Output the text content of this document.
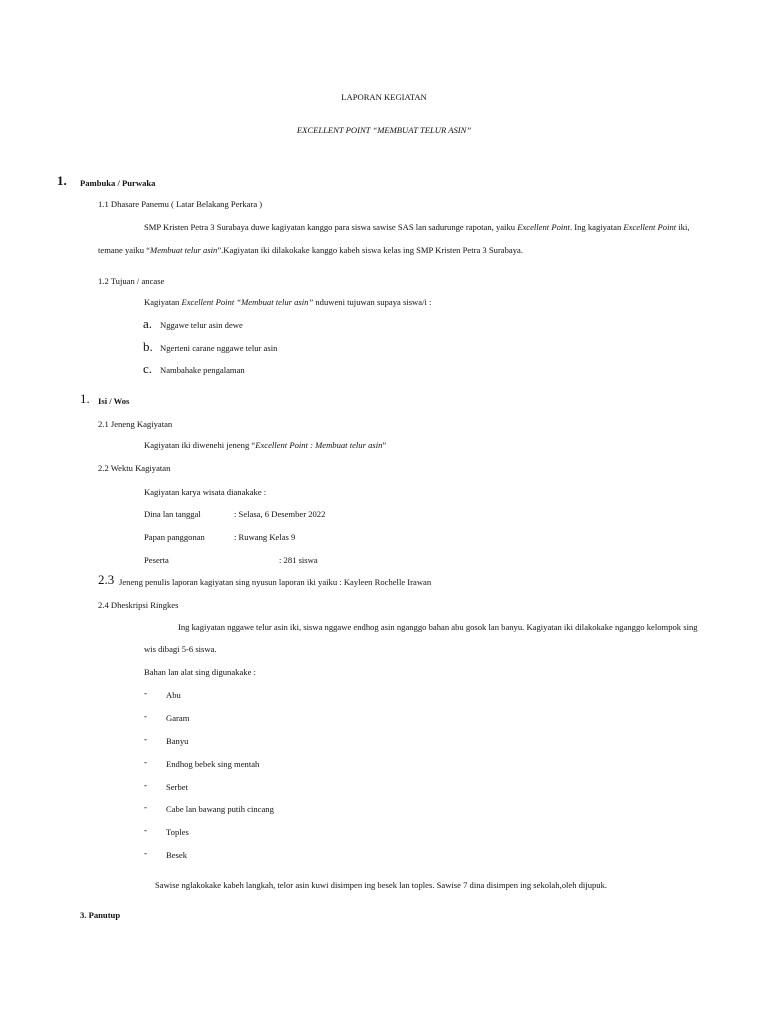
LAPORAN KEGIATAN
EXCELLENT POINT “MEMBUAT TELUR ASIN”
1. Pambuka / Purwaka
1.1 Dhasare Panemu ( Latar Belakang Perkara )
SMP Kristen Petra 3 Surabaya duwe kagiyatan kanggo para siswa sawise SAS lan sadurunge rapotan, yaiku Excellent Point. Ing kagiyatan Excellent Point iki,
temane yaiku “Membuat telur asin”.Kagiyatan iki dilakokake kanggo kabeh siswa kelas ing SMP Kristen Petra 3 Surabaya.
1.2 Tujuan / ancase
Kagiyatan Excellent Point “Membuat telur asin” nduweni tujuwan supaya siswa/i :
a. Nggawe telur asin dewe
b. Ngerteni carane nggawe telur asin
c. Nambahake pengalaman
1. Isi / Wos
2.1 Jeneng Kagiyatan
Kagiyatan iki diwenehi jeneng “Excellent Point : Membuat telur asin”
2.2 Wektu Kagiyatan
Kagiyatan karya wisata dianakake :
Dina lan tanggal	: Selasa, 6 Desember 2022
Papan panggonan	: Ruwang Kelas 9
Peserta	: 281 siswa
2.3 Jeneng penulis laporan kagiyatan sing nyusun laporan iki yaiku : Kayleen Rochelle Irawan
2.4 Dheskripsi Ringkes
Ing kagiyatan nggawe telur asin iki, siswa nggawe endhog asin nganggo bahan abu gosok lan banyu. Kagiyatan iki dilakokake nganggo kelompok sing
wis dibagi 5-6 siswa.
Bahan lan alat sing digunakake :
- Abu
- Garam
- Banyu
- Endhog bebek sing mentah
- Serbet
- Cabe lan bawang putih cincang
- Toples
- Besek
Sawise nglakokake kabeh langkah, telor asin kuwi disimpen ing besek lan toples. Sawise 7 dina disimpen ing sekolah,oleh dijupuk.
3. Panutup
